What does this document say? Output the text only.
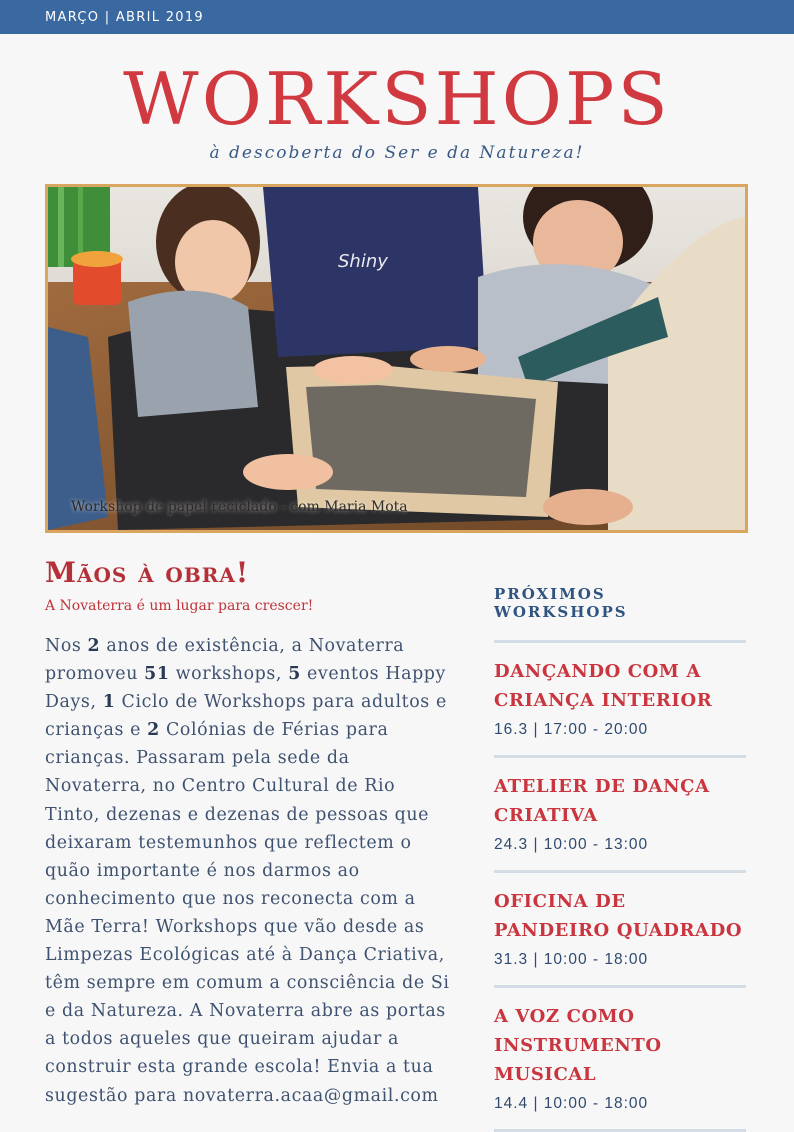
MARÇO | ABRIL 2019
WORKSHOPS
à descoberta do Ser e da Natureza!
Shiny
Workshop de papel reciclado - com Maria Mota
Mãos à obra!
A Novaterra é um lugar para crescer!

Nos 2 anos de existência, a Novaterra promoveu 51 workshops, 5 eventos Happy Days, 1 Ciclo de Workshops para adultos e crianças e 2 Colónias de Férias para crianças. Passaram pela sede da Novaterra, no Centro Cultural de Rio Tinto, dezenas e dezenas de pessoas que deixaram testemunhos que reflectem o quão importante é nos darmos ao conhecimento que nos reconecta com a Mãe Terra! Workshops que vão desde as Limpezas Ecológicas até à Dança Criativa, têm sempre em comum a consciência de Si e da Natureza. A Novaterra abre as portas a todos aqueles que queiram ajudar a construir esta grande escola! Envia a tua sugestão para novaterra.acaa@gmail.com

PRÓXIMOS WORKSHOPS
DANÇANDO COM A CRIANÇA INTERIOR
16.3 | 17:00 - 20:00
ATELIER DE DANÇA CRIATIVA
24.3 | 10:00 - 13:00
OFICINA DE PANDEIRO QUADRADO
31.3 | 10:00 - 18:00
A VOZ COMO INSTRUMENTO MUSICAL
14.4 | 10:00 - 18:00
